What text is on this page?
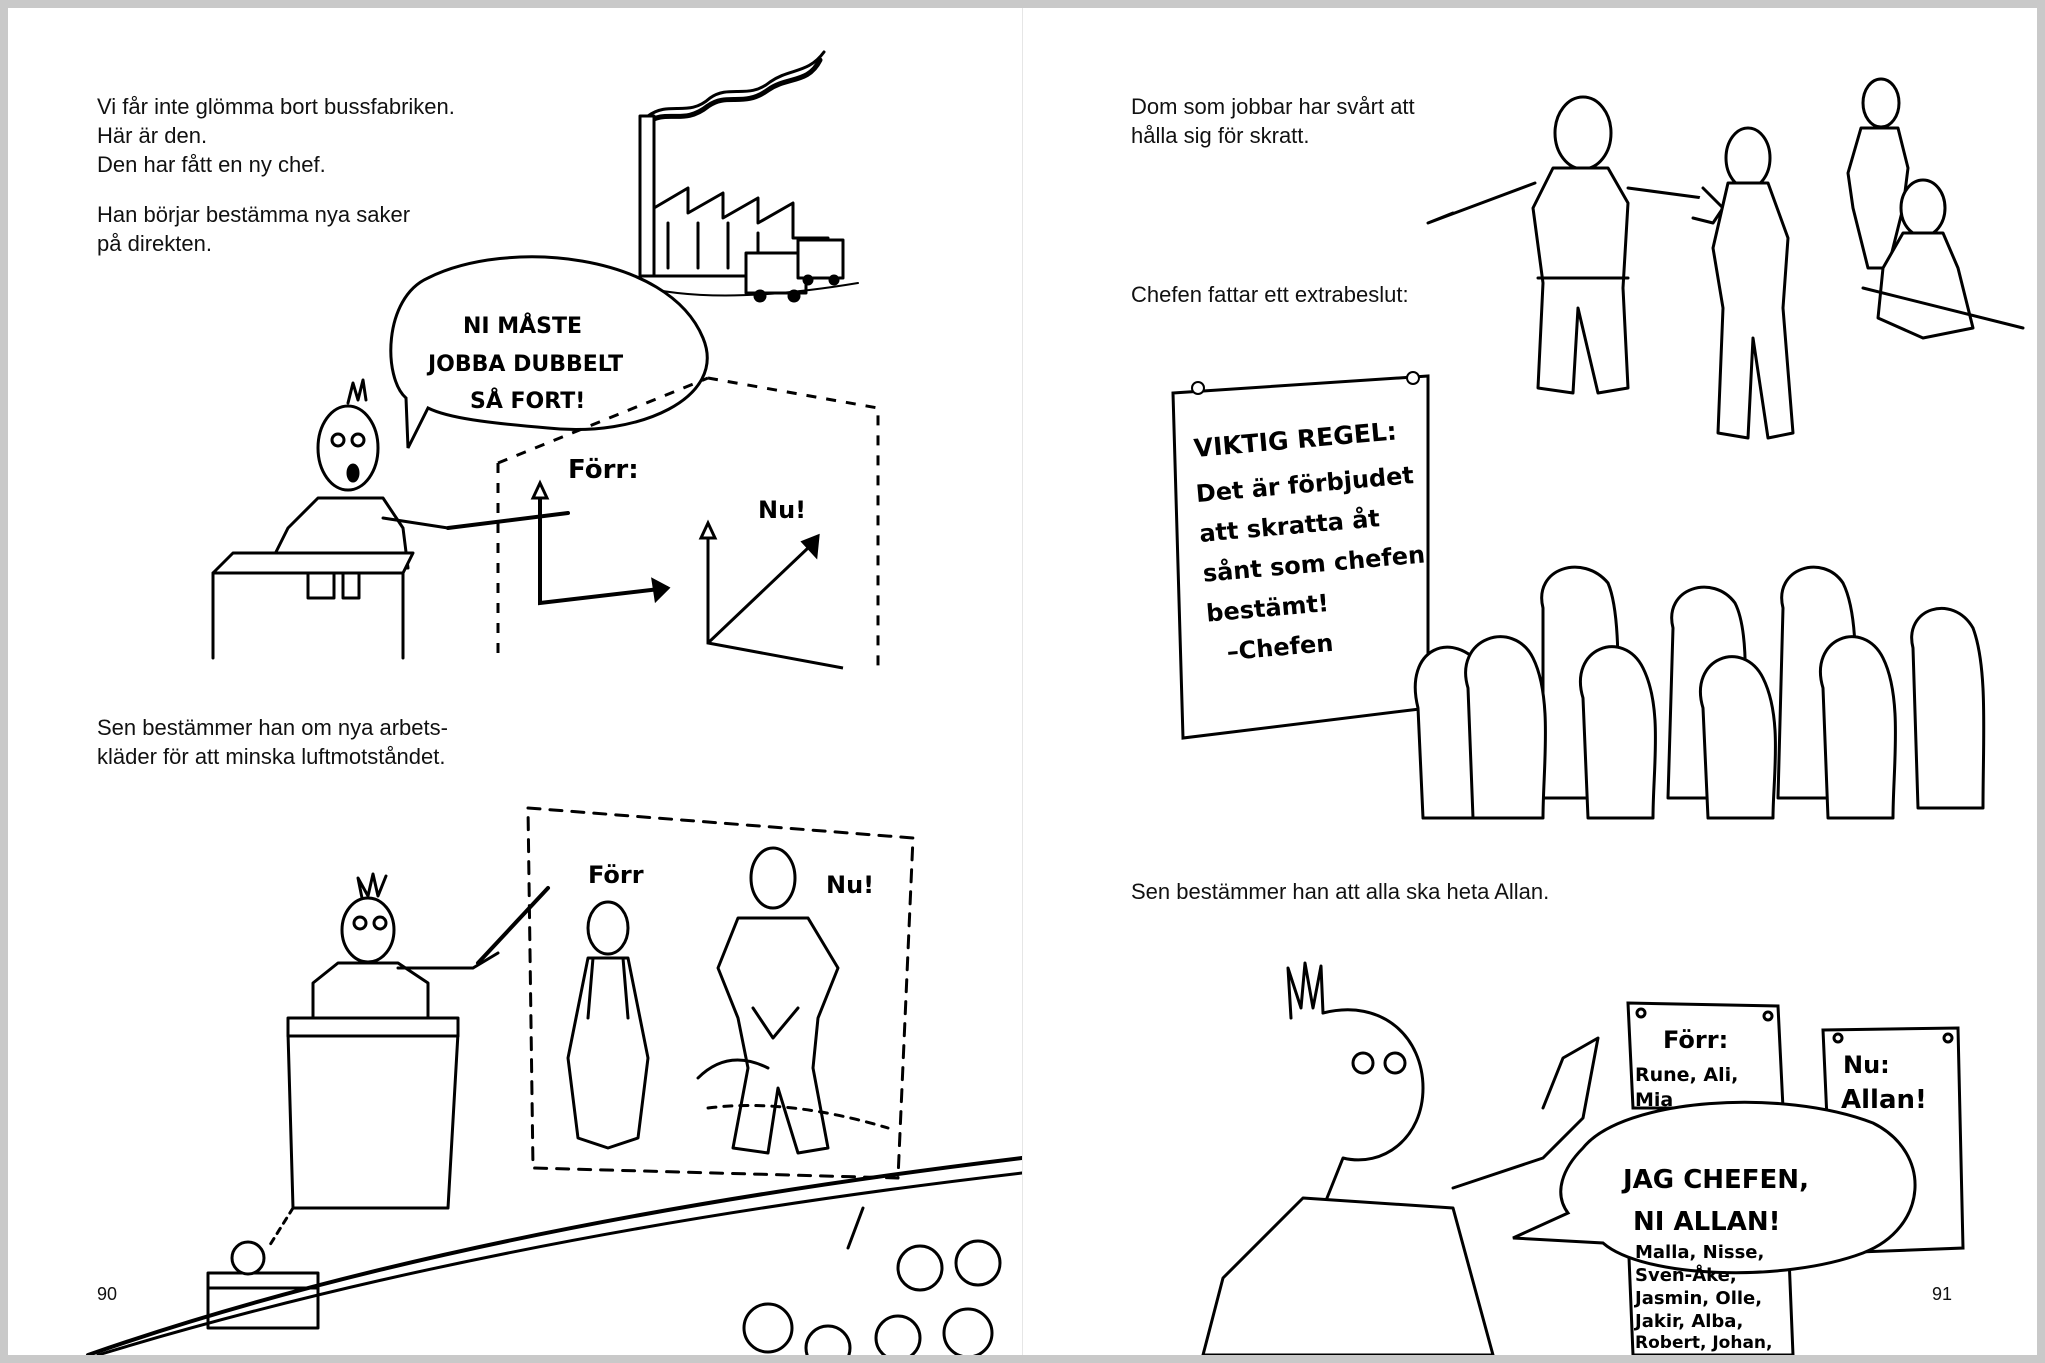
Vi får inte glömma bort bussfabriken.
Här är den.
Den har fått en ny chef.
Han börjar bestämma nya saker
på direkten.
Sen bestämmer han om nya arbets-
kläder för att minska luftmotståndet.
90
NI MÅSTE
JOBBA DUBBELT
SÅ FORT!
Förr:
Nu!
Förr	Nu!
Dom som jobbar har svårt att
hålla sig för skratt.
Chefen fattar ett extrabeslut:
Sen bestämmer han att alla ska heta Allan.
91
VIKTIG REGEL:
Det är förbjudet
att skratta åt
sånt som chefen
bestämt!
–Chefen
Förr:
Rune, Ali,
Mia
Nu:
Allan!
JAG CHEFEN,
NI ALLAN!
Malla, Nisse,
Sven-Åke,
Jasmin, Olle,
Jakir, Alba,
Robert, Johan,
